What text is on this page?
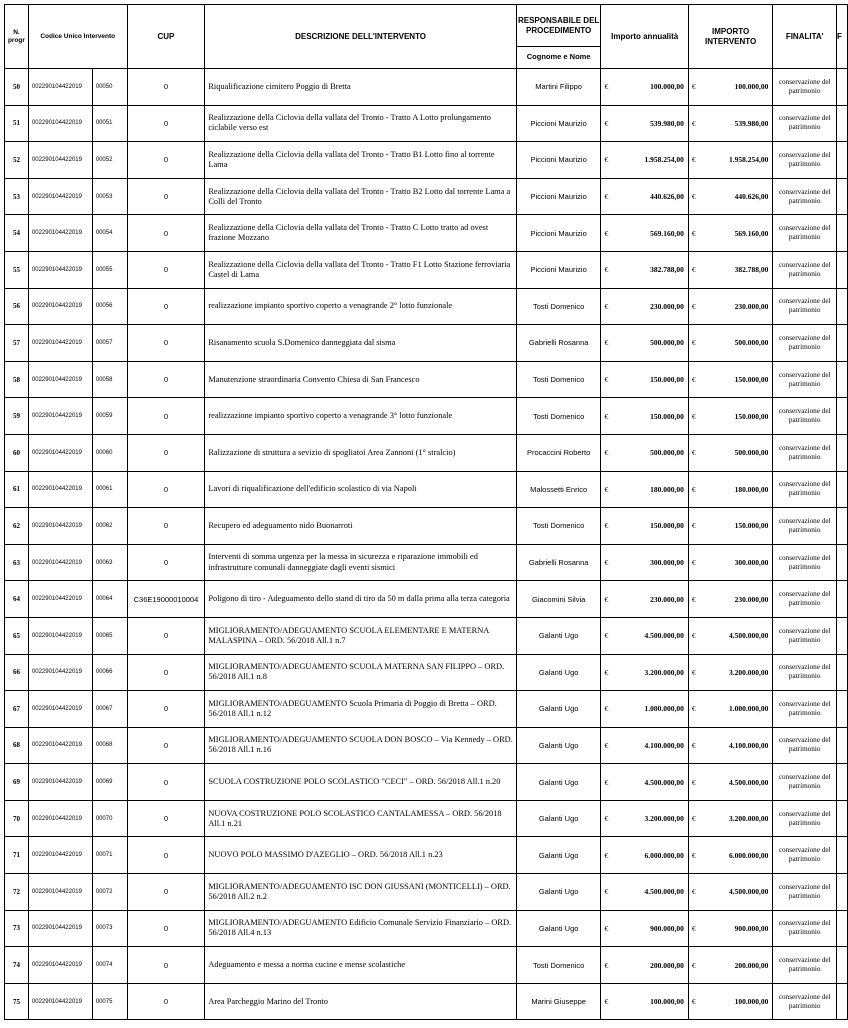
N. progr	Codice Unico Intervento		CUP	DESCRIZIONE DELL'INTERVENTO	RESPONSABILE DEL PROCEDIMENTO	Importo annualità	IMPORTO INTERVENTO	FINALITA'	F
					Cognome e Nome				
50	002290104422019	00050	0	Riqualificazione cimitero Poggio di Bretta	Martini Filippo	€ 100.000,00	€ 100.000,00	conservazione del patrimonio	
51	002290104422019	00051	0	Realizzazione della Ciclovia della vallata del Tronto - Tratto A Lotto prolungamento ciclabile verso est	Piccioni Maurizio	€ 539.980,00	€ 539.980,00	conservazione del patrimonio	
52	002290104422019	00052	0	Realizzazione della Ciclovia della vallata del Tronto - Tratto B1 Lotto fino al torrente Lama	Piccioni Maurizio	€ 1.958.254,00	€ 1.958.254,00	conservazione del patrimonio	
53	002290104422019	00053	0	Realizzazione della Ciclovia della vallata del Tronto - Tratto B2 Lotto dal torrente Lama a Colli del Tronto	Piccioni Maurizio	€ 440.626,00	€ 440.626,00	conservazione del patrimonio	
54	002290104422019	00054	0	Realizzazione della Ciclovia della vallata del Tronto - Tratto C Lotto tratto ad ovest frazione Mozzano	Piccioni Maurizio	€ 569.160,00	€ 569.160,00	conservazione del patrimonio	
55	002290104422019	00055	0	Realizzazione della Ciclovia della vallata del Tronto - Tratto F1 Lotto Stazione ferroviaria Castel di Lama	Piccioni Maurizio	€ 382.788,00	€ 382.788,00	conservazione del patrimonio	
56	002290104422019	00056	0	realizzazione impianto sportivo coperto a venagrande 2° lotto funzionale	Tosti Domenico	€ 230.000,00	€ 230.000,00	conservazione del patrimonio	
57	002290104422019	00057	0	Risanamento scuola S.Domenico danneggiata dal sisma	Gabrielli Rosanna	€ 500.000,00	€ 500.000,00	conservazione del patrimonio	
58	002290104422019	00058	0	Manutenzione straordinaria Convento Chiesa di San Francesco	Tosti Domenico	€ 150.000,00	€ 150.000,00	conservazione del patrimonio	
59	002290104422019	00059	0	realizzazione impianto sportivo coperto a venagrande 3° lotto funzionale	Tosti Domenico	€ 150.000,00	€ 150.000,00	conservazione del patrimonio	
60	002290104422019	00060	0	Ralizzazione di struttura a sevizio di spogliatoi Area Zannoni (1° stralcio)	Procaccini Roberto	€ 500.000,00	€ 500.000,00	conservazione del patrimonio	
61	002290104422019	00061	0	Lavori di riqualificazione dell'edificio scolastico di via Napoli	Malossetti Enrico	€ 180.000,00	€ 180.000,00	conservazione del patrimonio	
62	002290104422019	00062	0	Recupero ed adeguamento nido Buonarroti	Tosti Domenico	€ 150.000,00	€ 150.000,00	conservazione del patrimonio	
63	002290104422019	00063	0	Interventi di somma urgenza per la messa in sicurezza e riparazione immobili ed infrastrutture comunali danneggiate dagli eventi sismici	Gabrielli Rosanna	€ 300.000,00	€ 300.000,00	conservazione del patrimonio	
64	002290104422019	00064	C36E19000010004	Poligono di tiro - Adeguamento dello stand di tiro da 50 m dalla prima alla terza categoria	Giacomini Silvia	€ 230.000,00	€ 230.000,00	conservazione del patrimonio	
65	002290104422019	00065	0	MIGLIORAMENTO/ADEGUAMENTO SCUOLA ELEMENTARE E MATERNA MALASPINA – ORD. 56/2018 All.1 n.7	Galanti Ugo	€ 4.500.000,00	€ 4.500.000,00	conservazione del patrimonio	
66	002290104422019	00066	0	MIGLIORAMENTO/ADEGUAMENTO SCUOLA MATERNA SAN FILIPPO – ORD. 56/2018 All.1 n.8	Galanti Ugo	€ 3.200.000,00	€ 3.200.000,00	conservazione del patrimonio	
67	002290104422019	00067	0	MIGLIORAMENTO/ADEGUAMENTO Scuola Primaria di Poggio di Bretta – ORD. 56/2018 All.1 n.12	Galanti Ugo	€ 1.000.000,00	€ 1.000.000,00	conservazione del patrimonio	
68	002290104422019	00068	0	MIGLIORAMENTO/ADEGUAMENTO SCUOLA DON BOSCO – Via Kennedy – ORD. 56/2018 All.1 n.16	Galanti Ugo	€ 4.100.000,00	€ 4.100.000,00	conservazione del patrimonio	
69	002290104422019	00069	0	SCUOLA COSTRUZIONE POLO SCOLASTICO "CECI" – ORD. 56/2018 All.1 n.20	Galanti Ugo	€ 4.500.000,00	€ 4.500.000,00	conservazione del patrimonio	
70	002290104422019	00070	0	NUOVA COSTRUZIONE POLO SCOLASTICO CANTALAMESSA – ORD. 56/2018 All.1 n.21	Galanti Ugo	€ 3.200.000,00	€ 3.200.000,00	conservazione del patrimonio	
71	002290104422019	00071	0	NUOVO POLO MASSIMO D'AZEGLIO – ORD. 56/2018 All.1 n.23	Galanti Ugo	€ 6.000.000,00	€ 6.000.000,00	conservazione del patrimonio	
72	002290104422019	00072	0	MIGLIORAMENTO/ADEGUAMENTO ISC DON GIUSSANI (MONTICELLI) – ORD. 56/2018 All.2 n.2	Galanti Ugo	€ 4.500.000,00	€ 4.500.000,00	conservazione del patrimonio	
73	002290104422019	00073	0	MIGLIORAMENTO/ADEGUAMENTO Edificio Comunale Servizio Finanziario – ORD. 56/2018 All.4 n.13	Galanti Ugo	€ 900.000,00	€ 900.000,00	conservazione del patrimonio	
74	002290104422019	00074	0	Adeguamento e messa a norma cucine e mense scolastiche	Tosti Domenico	€ 200.000,00	€ 200.000,00	conservazione del patrimonio	
75	002290104422019	00075	0	Area Parcheggio Marino del Tronto	Marini Giuseppe	€ 100.000,00	€ 100.000,00	conservazione del patrimonio	
